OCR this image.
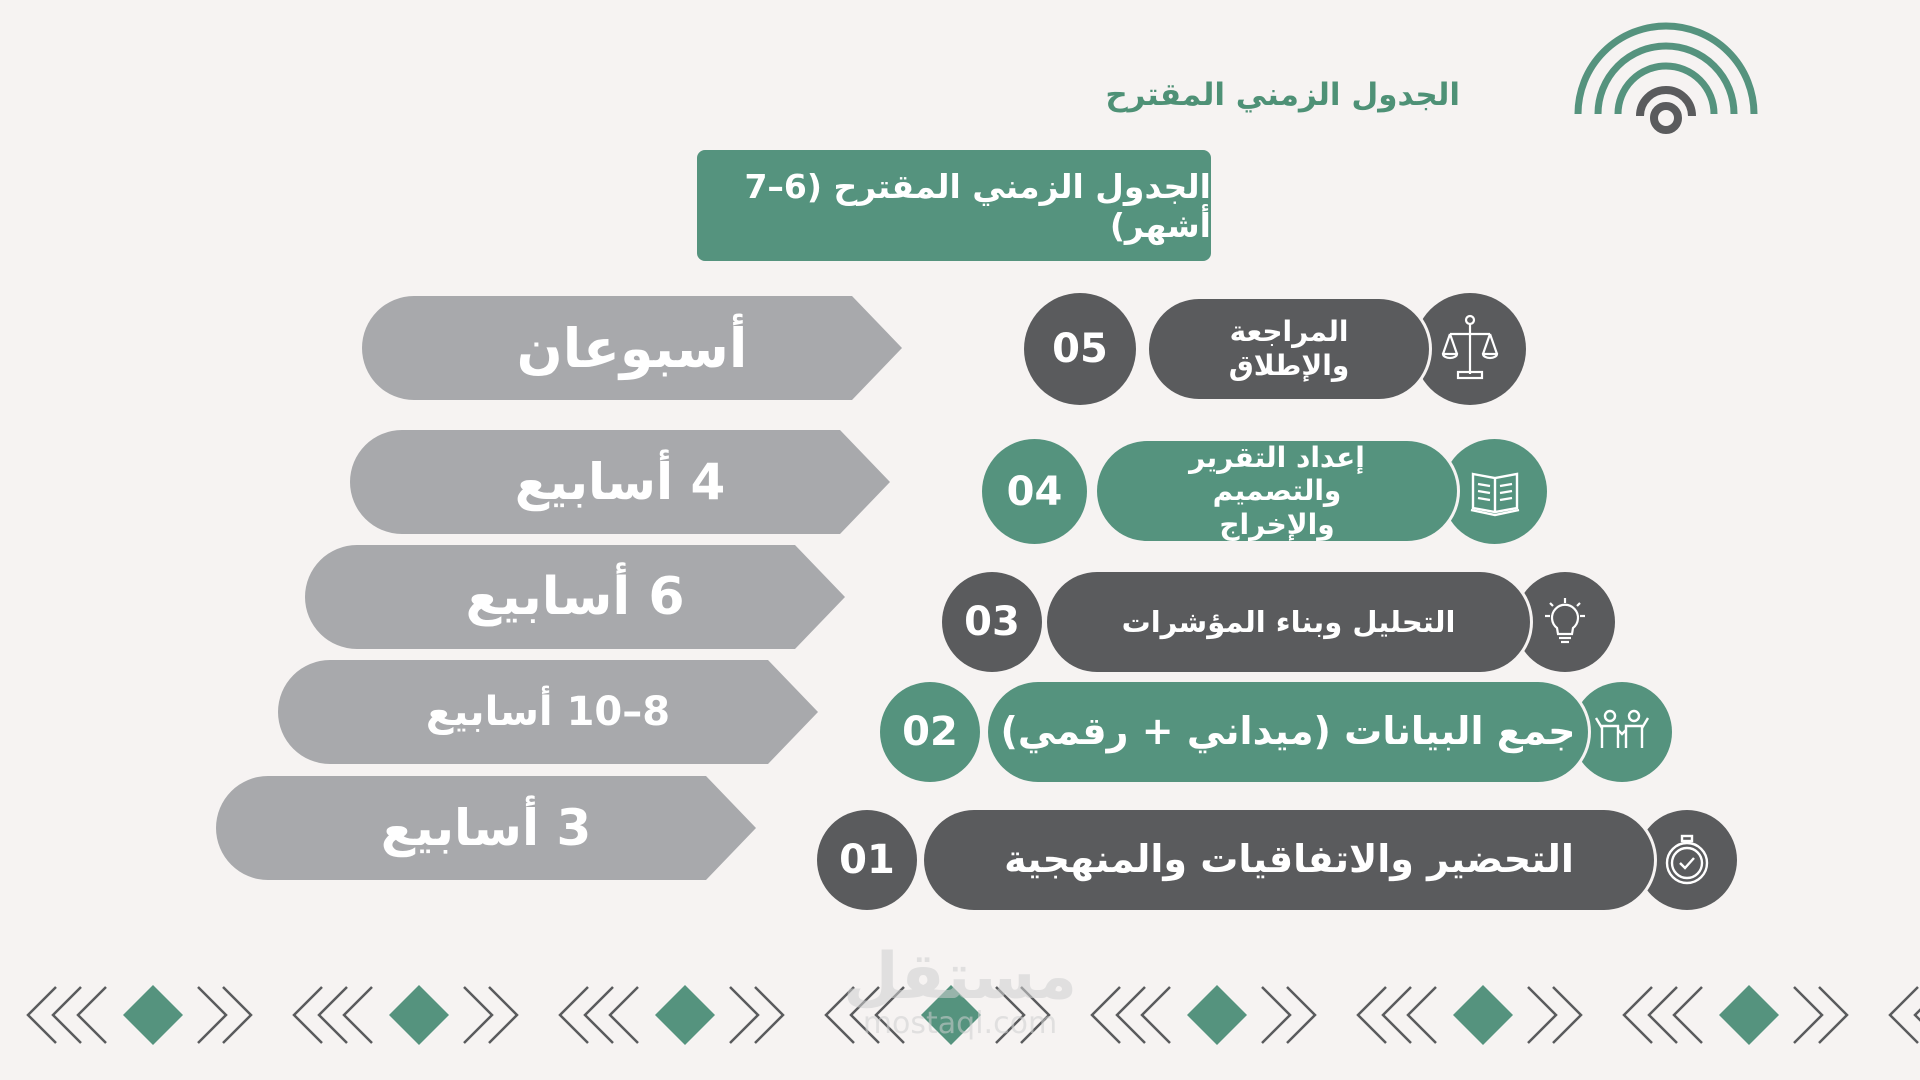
الجدول الزمني المقترح
الجدول الزمني المقترح (6–7 أشهر)
أسبوعان
4 أسابيع
6 أسابيع
8–10 أسابيع
3 أسابيع
المراجعة والإطلاق
05
إعداد التقرير والتصميم والإخراج
04
التحليل وبناء المؤشرات
03
جمع البيانات (ميداني + رقمي)
02
التحضير والاتفاقيات والمنهجية
01
مستقل
mostaql.com
